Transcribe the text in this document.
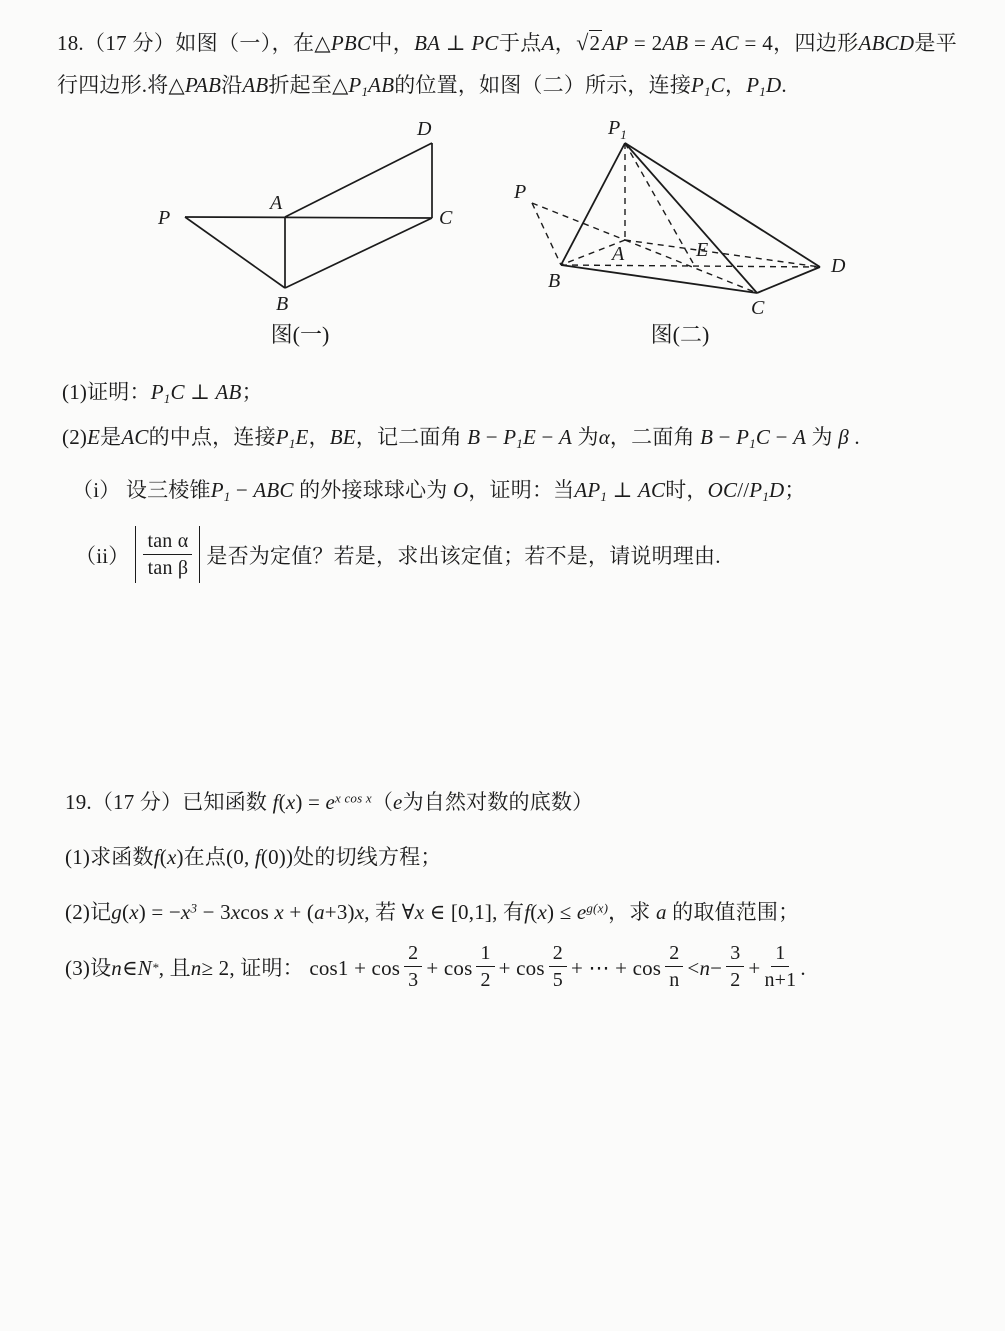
18.（17 分）如图（一），在△PBC中，BA ⊥ PC于点A，√2AP = 2AB = AC = 4，四边形ABCD是平行四边形.将△PAB沿AB折起至$\triangle P_1AB$的位置，如图（二）所示，连接$P_1C$，$P_1D$.
P
A
D
C
B
图(一)
$P_1$
P
B
A	E
C
D
图(二)
(1)证明：$P_1C$ ⊥ AB；
(2)E是AC的中点，连接$P_1E$，BE，记二面角 $B - P_1E - A$ 为α，二面角 $B - P_1C - A$ 为 β .
（i） 设三棱锥$P_1$ − ABC 的外接球球心为 O，证明：当$AP_1$ ⊥ AC时，$OC//P_1D$；
$(ii) \frac{\text{tan α}}{\text{tan β}}$ 是否为定值？若是，求出该定值；若不是，请说明理由.
19.（17 分）已知函数 $f(x) = e^{x cos x}(e$为自然对数的底数）
(1)求函数f(x)在点(0, f(0))处的切线方程；
(2)记$g(x) = -x^3 - 3xcos$ x + (a+3)x, 若 ∀x ∈ [0,1], 有$f(x) \le e^{g(x)}$，求 a 的取值范围；
(3)设 n ∈ N * , 且 n ≥ 2, 证明： $\cos 1 + \cos \frac{2}{3} + \cos \frac{1}{2} + \cos \frac{2}{5}$ + ⋯ + $\cos \frac{2}{n} < n - \frac{3}{2} + \frac{1}{n+1}$ .
